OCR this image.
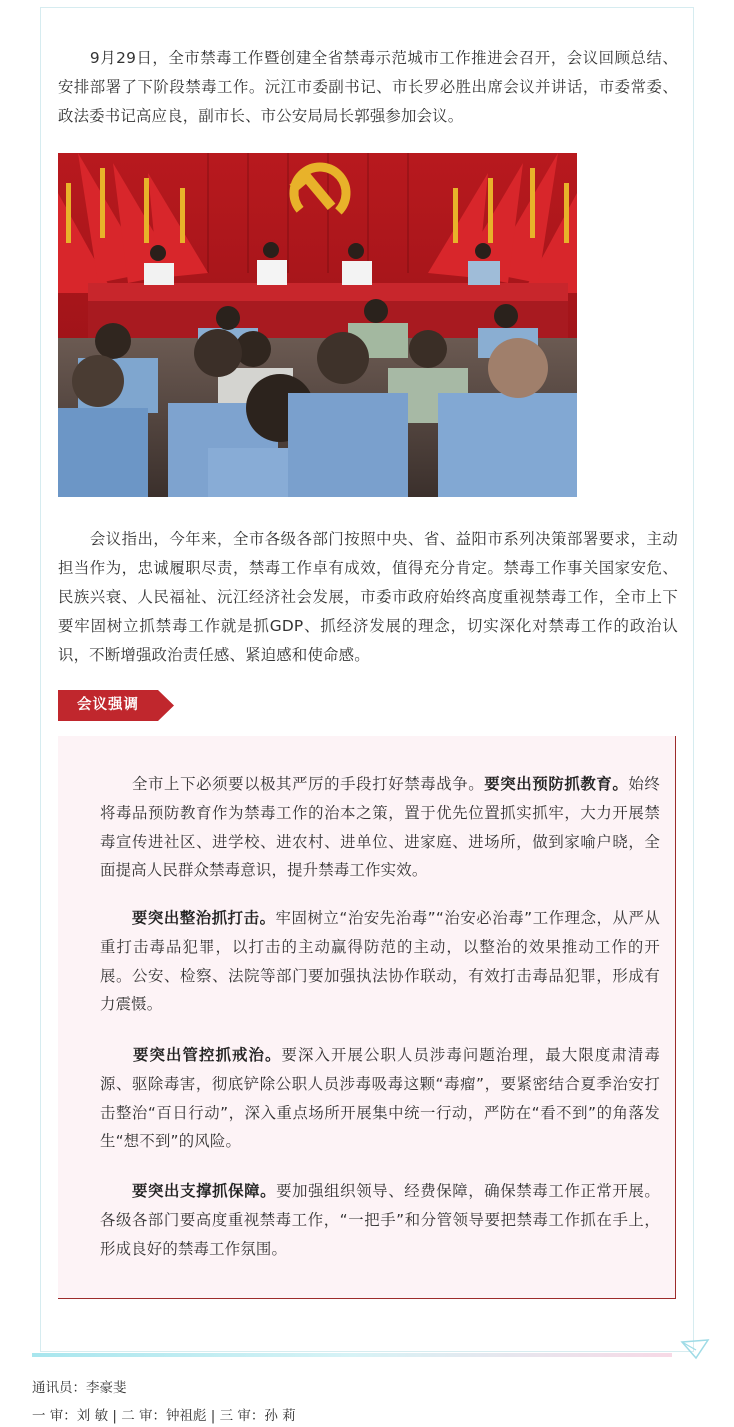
　　9月29日，全市禁毒工作暨创建全省禁毒示范城市工作推进会召开，会议回顾总结、安排部署了下阶段禁毒工作。沅江市委副书记、市长罗必胜出席会议并讲话，市委常委、政法委书记高应良，副市长、市公安局局长郭强参加会议。

　　会议指出，今年来，全市各级各部门按照中央、省、益阳市系列决策部署要求，主动担当作为，忠诚履职尽责，禁毒工作卓有成效，值得充分肯定。禁毒工作事关国家安危、民族兴衰、人民福祉、沅江经济社会发展，市委市政府始终高度重视禁毒工作，全市上下要牢固树立抓禁毒工作就是抓GDP、抓经济发展的理念，切实深化对禁毒工作的政治认识，不断增强政治责任感、紧迫感和使命感。

会议强调

　　全市上下必须要以极其严厉的手段打好禁毒战争。要突出预防抓教育。始终将毒品预防教育作为禁毒工作的治本之策，置于优先位置抓实抓牢，大力开展禁毒宣传进社区、进学校、进农村、进单位、进家庭、进场所，做到家喻户晓，全面提高人民群众禁毒意识，提升禁毒工作实效。

　　要突出整治抓打击。牢固树立“治安先治毒”“治安必治毒”工作理念，从严从重打击毒品犯罪，以打击的主动赢得防范的主动，以整治的效果推动工作的开展。公安、检察、法院等部门要加强执法协作联动，有效打击毒品犯罪，形成有力震慑。

　　要突出管控抓戒治。要深入开展公职人员涉毒问题治理，最大限度肃清毒源、驱除毒害，彻底铲除公职人员涉毒吸毒这颗“毒瘤”，要紧密结合夏季治安打击整治“百日行动”，深入重点场所开展集中统一行动，严防在“看不到”的角落发生“想不到”的风险。

　　要突出支撑抓保障。要加强组织领导、经费保障，确保禁毒工作正常开展。各级各部门要高度重视禁毒工作，“一把手”和分管领导要把禁毒工作抓在手上，形成良好的禁毒工作氛围。

通讯员：李豪斐
一 审：刘 敏 | 二 审：钟祖彪 | 三 审：孙 莉
